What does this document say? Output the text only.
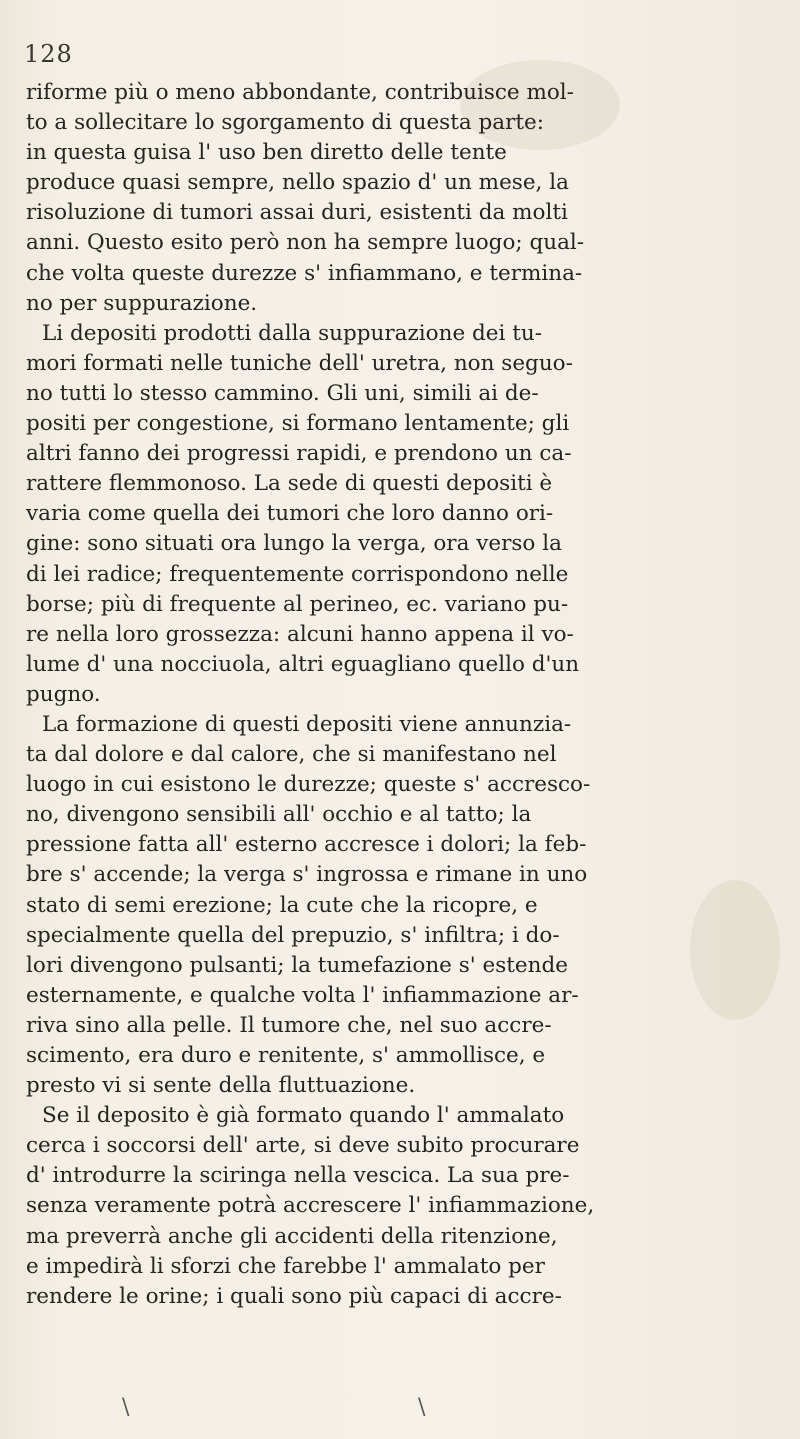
128
riforme più o meno abbondante, contribuisce mol-
to a sollecitare lo sgorgamento di questa parte:
in questa guisa l' uso ben diretto delle tente
produce quasi sempre, nello spazio d' un mese, la
risoluzione di tumori assai duri, esistenti da molti
anni. Questo esito però non ha sempre luogo; qual-
che volta queste durezze s' infiammano, e termina-
no per suppurazione.
Li depositi prodotti dalla suppurazione dei tu-
mori formati nelle tuniche dell' uretra, non seguo-
no tutti lo stesso cammino. Gli uni, simili ai de-
positi per congestione, si formano lentamente; gli
altri fanno dei progressi rapidi, e prendono un ca-
rattere flemmonoso. La sede di questi depositi è
varia come quella dei tumori che loro danno ori-
gine: sono situati ora lungo la verga, ora verso la
di lei radice; frequentemente corrispondono nelle
borse; più di frequente al perineo, ec. variano pu-
re nella loro grossezza: alcuni hanno appena il vo-
lume d' una nocciuola, altri eguagliano quello d'un
pugno.
La formazione di questi depositi viene annunzia-
ta dal dolore e dal calore, che si manifestano nel
luogo in cui esistono le durezze; queste s' accresco-
no, divengono sensibili all' occhio e al tatto; la
pressione fatta all' esterno accresce i dolori; la feb-
bre s' accende; la verga s' ingrossa e rimane in uno
stato di semi erezione; la cute che la ricopre, e
specialmente quella del prepuzio, s' infiltra; i do-
lori divengono pulsanti; la tumefazione s' estende
esternamente, e qualche volta l' infiammazione ar-
riva sino alla pelle. Il tumore che, nel suo accre-
scimento, era duro e renitente, s' ammollisce, e
presto vi si sente della fluttuazione.
Se il deposito è già formato quando l' ammalato
cerca i soccorsi dell' arte, si deve subito procurare
d' introdurre la sciringa nella vescica. La sua pre-
senza veramente potrà accrescere l' infiammazione,
ma preverrà anche gli accidenti della ritenzione,
e impedirà li sforzi che farebbe l' ammalato per
rendere le orine; i quali sono più capaci di accre-
\	\
